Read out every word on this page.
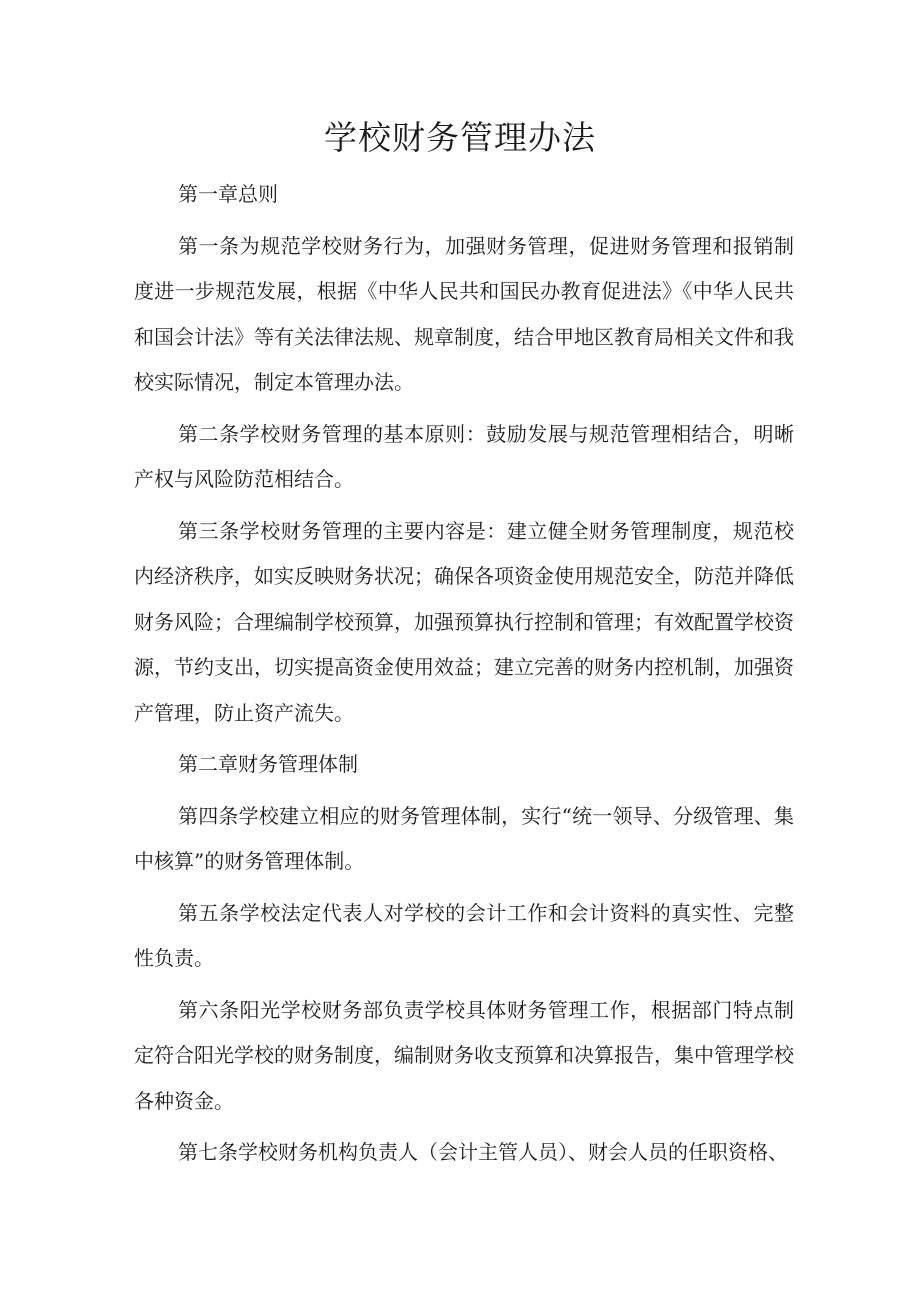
学校财务管理办法

第一章总则

第一条为规范学校财务行为，加强财务管理，促进财务管理和报销制度进一步规范发展，根据《中华人民共和国民办教育促进法》《中华人民共和国会计法》等有关法律法规、规章制度，结合甲地区教育局相关文件和我校实际情况，制定本管理办法。

第二条学校财务管理的基本原则：鼓励发展与规范管理相结合，明晰产权与风险防范相结合。

第三条学校财务管理的主要内容是：建立健全财务管理制度，规范校内经济秩序，如实反映财务状况；确保各项资金使用规范安全，防范并降低财务风险；合理编制学校预算，加强预算执行控制和管理；有效配置学校资源，节约支出，切实提高资金使用效益；建立完善的财务内控机制，加强资产管理，防止资产流失。

第二章财务管理体制

第四条学校建立相应的财务管理体制，实行“统一领导、分级管理、集中核算”的财务管理体制。

第五条学校法定代表人对学校的会计工作和会计资料的真实性、完整性负责。

第六条阳光学校财务部负责学校具体财务管理工作，根据部门特点制定符合阳光学校的财务制度，编制财务收支预算和决算报告，集中管理学校各种资金。

第七条学校财务机构负责人（会计主管人员）、财会人员的任职资格、
